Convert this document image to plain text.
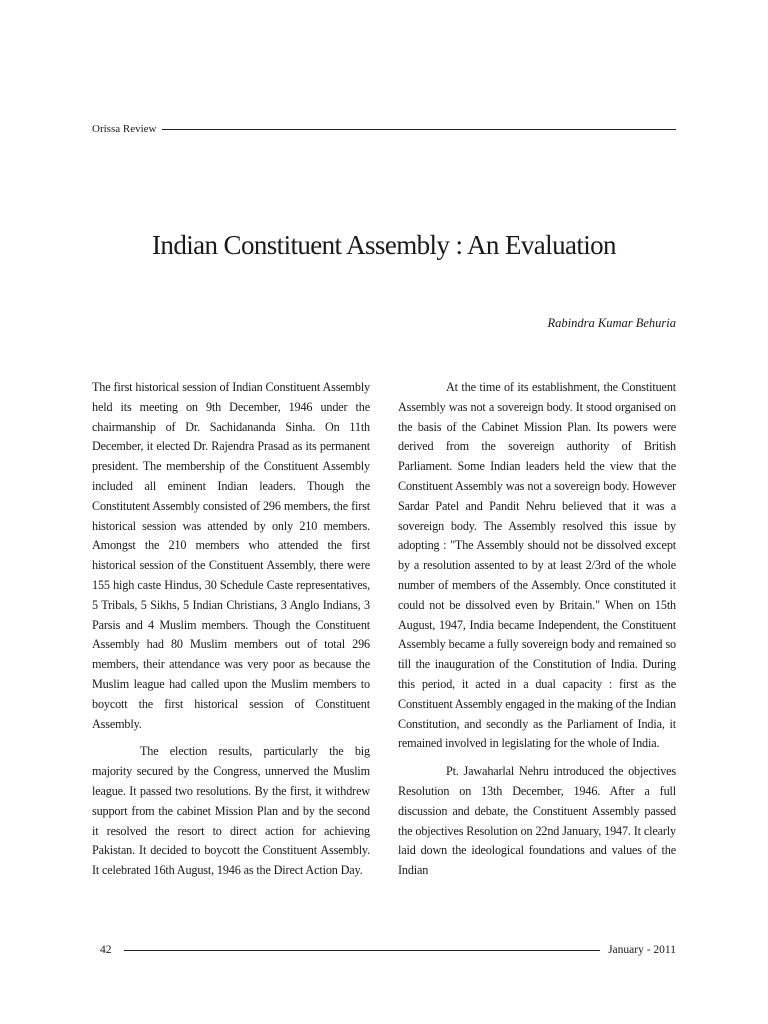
Orissa Review
Indian Constituent Assembly : An Evaluation
Rabindra Kumar Behuria

The first historical session of Indian Constituent Assembly held its meeting on 9th December, 1946 under the chairmanship of Dr. Sachidananda Sinha. On 11th December, it elected Dr. Rajendra Prasad as its permanent president. The membership of the Constituent Assembly included all eminent Indian leaders. Though the Constitutent Assembly consisted of 296 members, the first historical session was attended by only 210 members. Amongst the 210 members who attended the first historical session of the Constituent Assembly, there were 155 high caste Hindus, 30 Schedule Caste representatives, 5 Tribals, 5 Sikhs, 5 Indian Christians, 3 Anglo Indians, 3 Parsis and 4 Muslim members. Though the Constituent Assembly had 80 Muslim members out of total 296 members, their attendance was very poor as because the Muslim league had called upon the Muslim members to boycott the first historical session of Constituent Assembly.

The election results, particularly the big majority secured by the Congress, unnerved the Muslim league. It passed two resolutions. By the first, it withdrew support from the cabinet Mission Plan and by the second it resolved the resort to direct action for achieving Pakistan. It decided to boycott the Constituent Assembly. It celebrated 16th August, 1946 as the Direct Action Day.

At the time of its establishment, the Constituent Assembly was not a sovereign body. It stood organised on the basis of the Cabinet Mission Plan. Its powers were derived from the sovereign authority of British Parliament. Some Indian leaders held the view that the Constituent Assembly was not a sovereign body. However Sardar Patel and Pandit Nehru believed that it was a sovereign body. The Assembly resolved this issue by adopting : "The Assembly should not be dissolved except by a resolution assented to by at least 2/3rd of the whole number of members of the Assembly. Once constituted it could not be dissolved even by Britain." When on 15th August, 1947, India became Independent, the Constituent Assembly became a fully sovereign body and remained so till the inauguration of the Constitution of India. During this period, it acted in a dual capacity : first as the Constituent Assembly engaged in the making of the Indian Constitution, and secondly as the Parliament of India, it remained involved in legislating for the whole of India.

Pt. Jawaharlal Nehru introduced the objectives Resolution on 13th December, 1946. After a full discussion and debate, the Constituent Assembly passed the objectives Resolution on 22nd January, 1947. It clearly laid down the ideological foundations and values of the Indian

42	January - 2011
